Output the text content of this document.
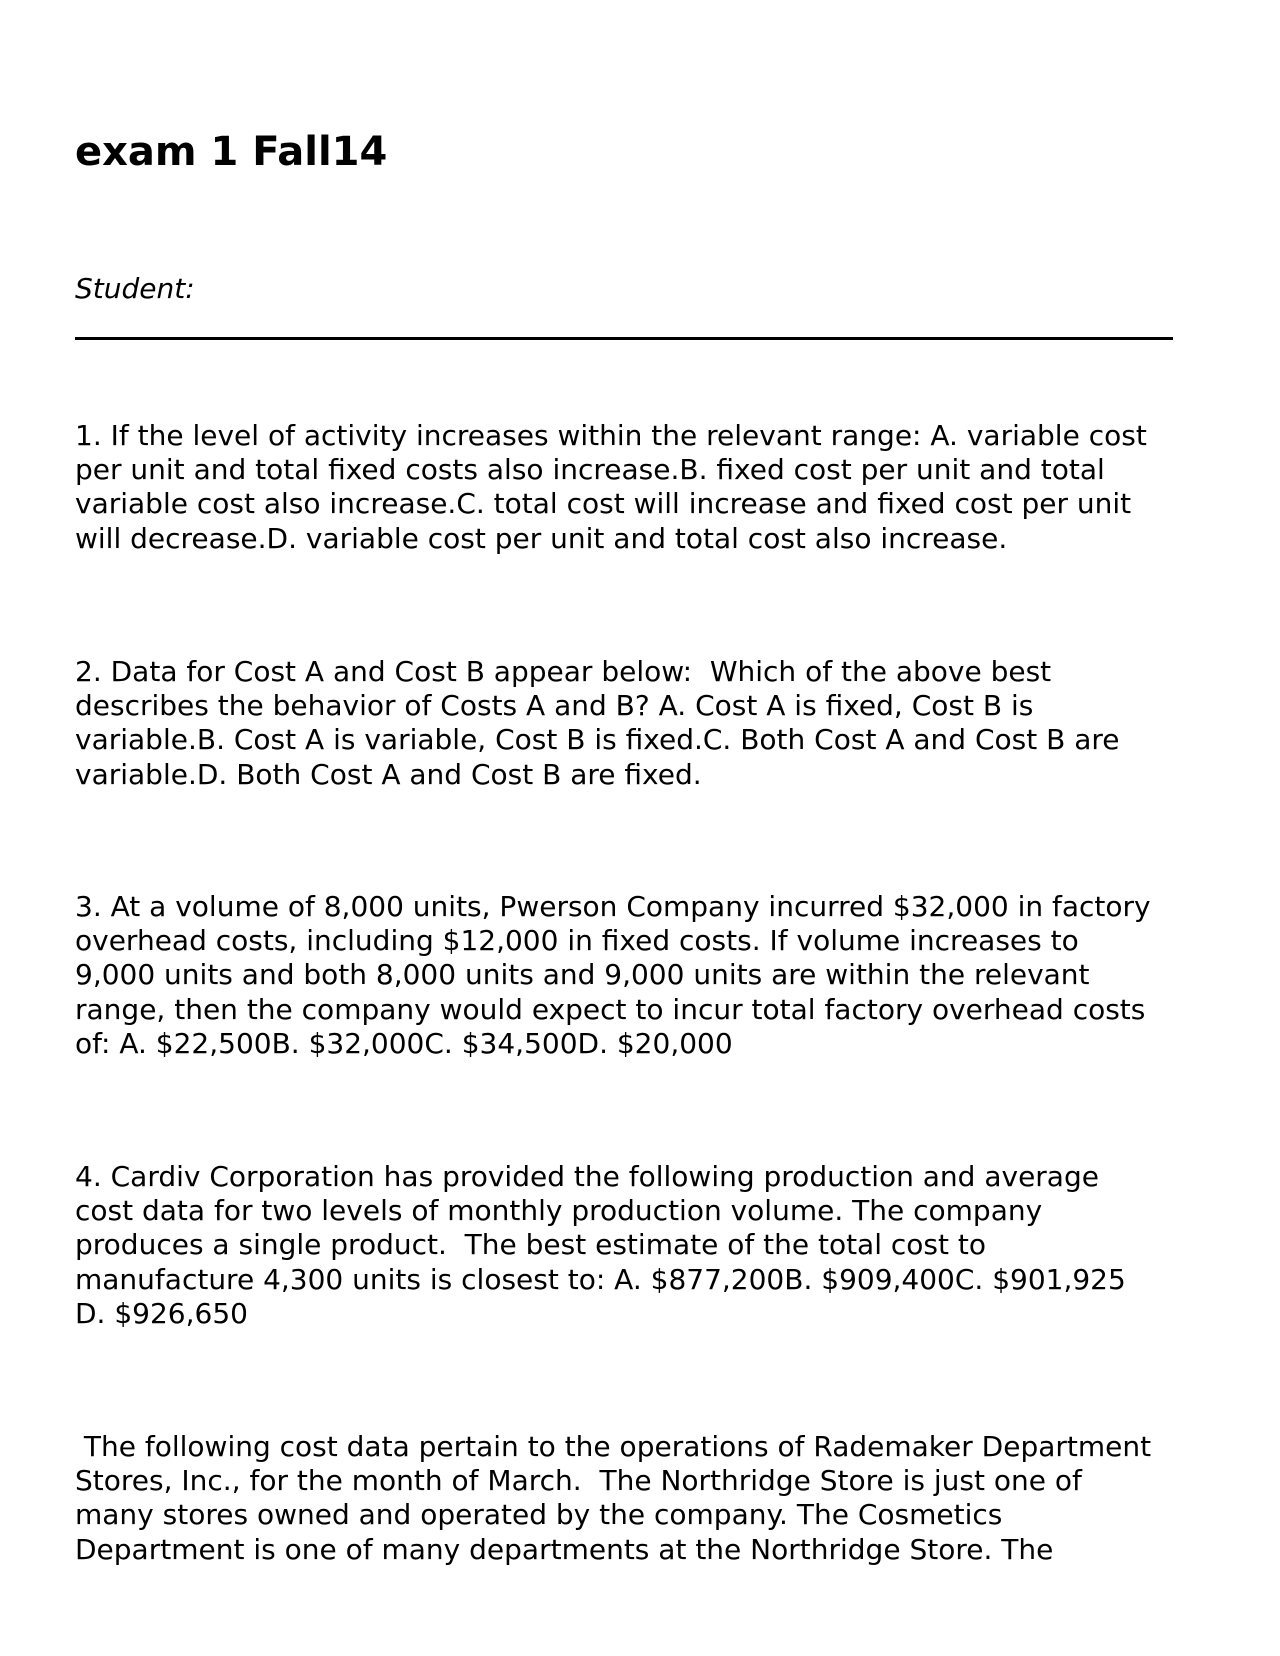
exam 1 Fall14

Student:

1. If the level of activity increases within the relevant range: A. variable cost
per unit and total fixed costs also increase.B. fixed cost per unit and total
variable cost also increase.C. total cost will increase and fixed cost per unit
will decrease.D. variable cost per unit and total cost also increase.

2. Data for Cost A and Cost B appear below:  Which of the above best
describes the behavior of Costs A and B? A. Cost A is fixed, Cost B is
variable.B. Cost A is variable, Cost B is fixed.C. Both Cost A and Cost B are
variable.D. Both Cost A and Cost B are fixed.

3. At a volume of 8,000 units, Pwerson Company incurred $32,000 in factory
overhead costs, including $12,000 in fixed costs. If volume increases to
9,000 units and both 8,000 units and 9,000 units are within the relevant
range, then the company would expect to incur total factory overhead costs
of: A. $22,500B. $32,000C. $34,500D. $20,000

4. Cardiv Corporation has provided the following production and average
cost data for two levels of monthly production volume. The company
produces a single product.  The best estimate of the total cost to
manufacture 4,300 units is closest to: A. $877,200B. $909,400C. $901,925
D. $926,650

The following cost data pertain to the operations of Rademaker Department
Stores, Inc., for the month of March.  The Northridge Store is just one of
many stores owned and operated by the company. The Cosmetics
Department is one of many departments at the Northridge Store. The
